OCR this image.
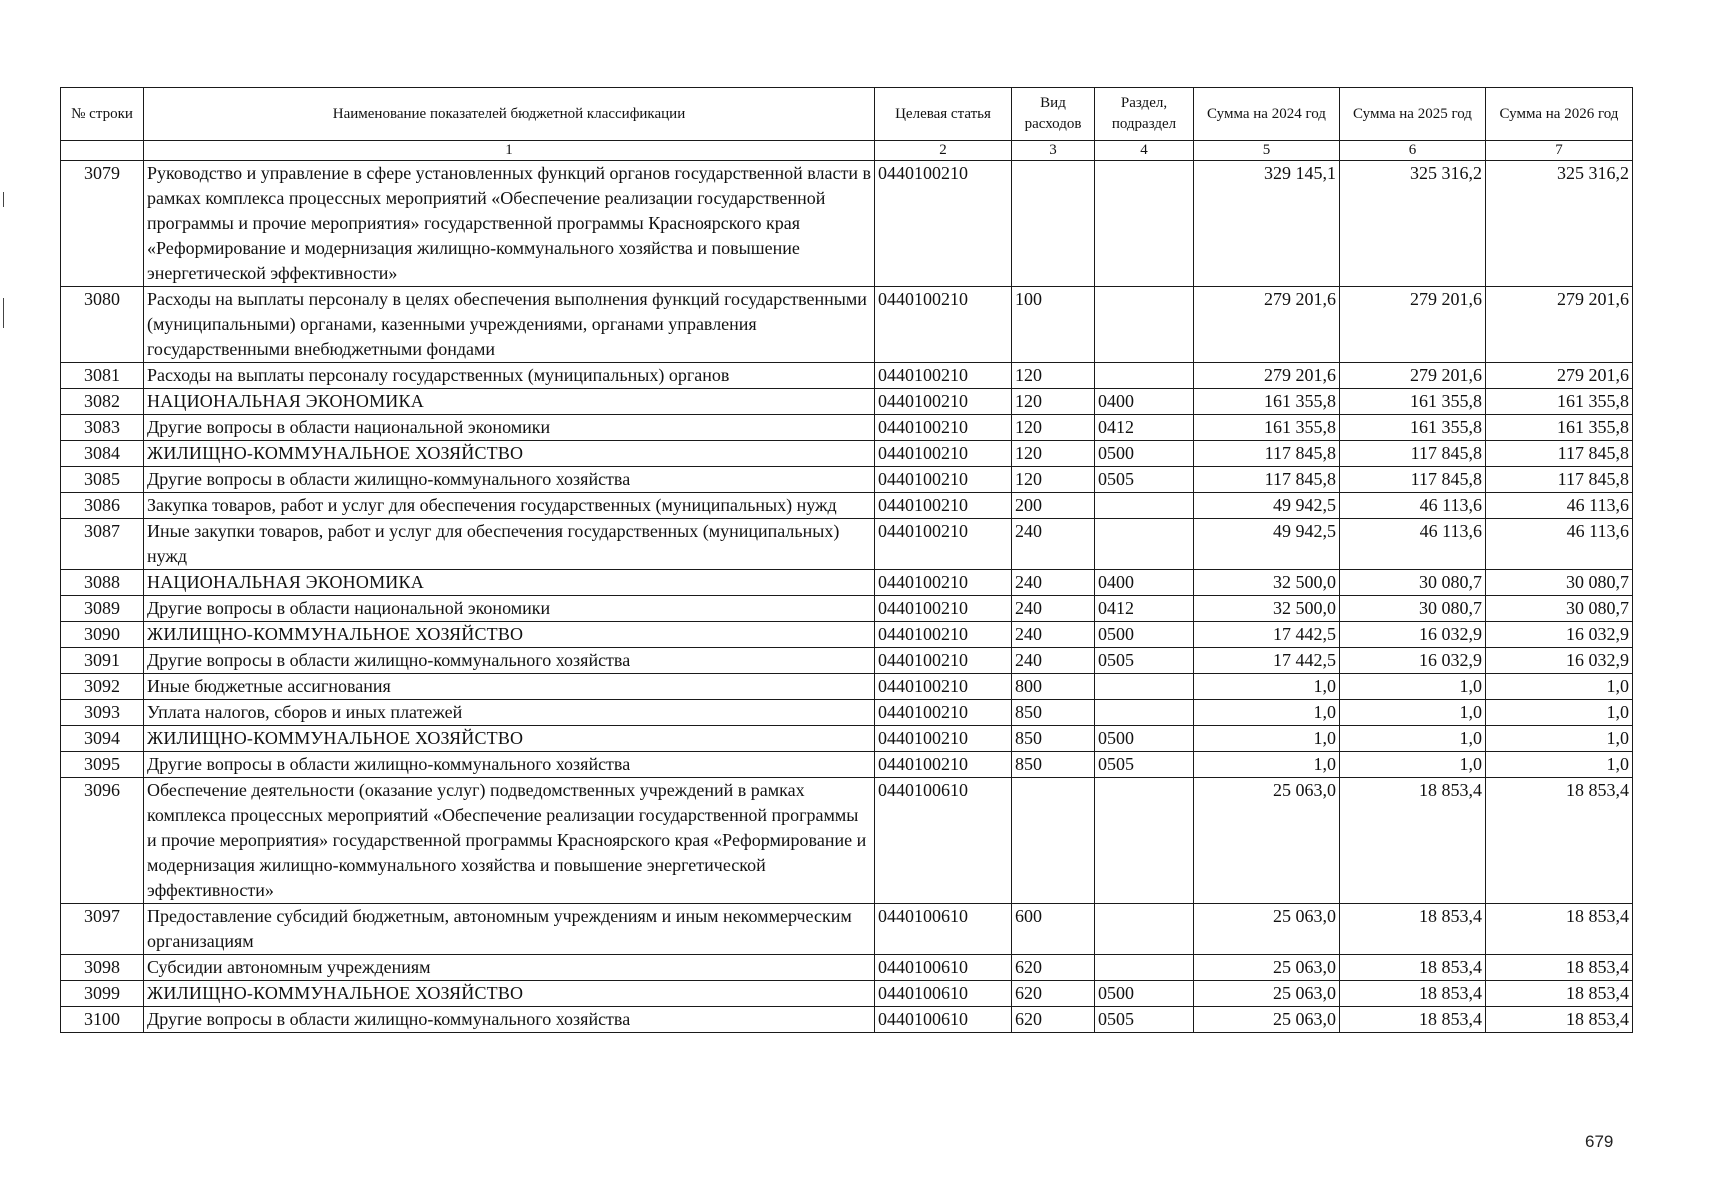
№ строки	Наименование показателей бюджетной классификации	Целевая статья	Вид расходов	Раздел, подраздел	Сумма на 2024 год	Сумма на 2025 год	Сумма на 2026 год
	1	2	3	4	5	6	7
3079	Руководство и управление в сфере установленных функций органов государственной власти в рамках комплекса процессных мероприятий «Обеспечение реализации государственной программы и прочие мероприятия» государственной программы Красноярского края «Реформирование и модернизация жилищно-коммунального хозяйства и повышение энергетической эффективности»	0440100210			329 145,1	325 316,2	325 316,2
3080	Расходы на выплаты персоналу в целях обеспечения выполнения функций государственными (муниципальными) органами, казенными учреждениями, органами управления государственными внебюджетными фондами	0440100210	100		279 201,6	279 201,6	279 201,6
3081	Расходы на выплаты персоналу государственных (муниципальных) органов	0440100210	120		279 201,6	279 201,6	279 201,6
3082	НАЦИОНАЛЬНАЯ ЭКОНОМИКА	0440100210	120	0400	161 355,8	161 355,8	161 355,8
3083	Другие вопросы в области национальной экономики	0440100210	120	0412	161 355,8	161 355,8	161 355,8
3084	ЖИЛИЩНО-КОММУНАЛЬНОЕ ХОЗЯЙСТВО	0440100210	120	0500	117 845,8	117 845,8	117 845,8
3085	Другие вопросы в области жилищно-коммунального хозяйства	0440100210	120	0505	117 845,8	117 845,8	117 845,8
3086	Закупка товаров, работ и услуг для обеспечения государственных (муниципальных) нужд	0440100210	200		49 942,5	46 113,6	46 113,6
3087	Иные закупки товаров, работ и услуг для обеспечения государственных (муниципальных) нужд	0440100210	240		49 942,5	46 113,6	46 113,6
3088	НАЦИОНАЛЬНАЯ ЭКОНОМИКА	0440100210	240	0400	32 500,0	30 080,7	30 080,7
3089	Другие вопросы в области национальной экономики	0440100210	240	0412	32 500,0	30 080,7	30 080,7
3090	ЖИЛИЩНО-КОММУНАЛЬНОЕ ХОЗЯЙСТВО	0440100210	240	0500	17 442,5	16 032,9	16 032,9
3091	Другие вопросы в области жилищно-коммунального хозяйства	0440100210	240	0505	17 442,5	16 032,9	16 032,9
3092	Иные бюджетные ассигнования	0440100210	800		1,0	1,0	1,0
3093	Уплата налогов, сборов и иных платежей	0440100210	850		1,0	1,0	1,0
3094	ЖИЛИЩНО-КОММУНАЛЬНОЕ ХОЗЯЙСТВО	0440100210	850	0500	1,0	1,0	1,0
3095	Другие вопросы в области жилищно-коммунального хозяйства	0440100210	850	0505	1,0	1,0	1,0
3096	Обеспечение деятельности (оказание услуг) подведомственных учреждений в рамках комплекса процессных мероприятий «Обеспечение реализации государственной программы и прочие мероприятия» государственной программы Красноярского края «Реформирование и модернизация жилищно-коммунального хозяйства и повышение энергетической эффективности»	0440100610			25 063,0	18 853,4	18 853,4
3097	Предоставление субсидий бюджетным, автономным учреждениям и иным некоммерческим организациям	0440100610	600		25 063,0	18 853,4	18 853,4
3098	Субсидии автономным учреждениям	0440100610	620		25 063,0	18 853,4	18 853,4
3099	ЖИЛИЩНО-КОММУНАЛЬНОЕ ХОЗЯЙСТВО	0440100610	620	0500	25 063,0	18 853,4	18 853,4
3100	Другие вопросы в области жилищно-коммунального хозяйства	0440100610	620	0505	25 063,0	18 853,4	18 853,4
679
